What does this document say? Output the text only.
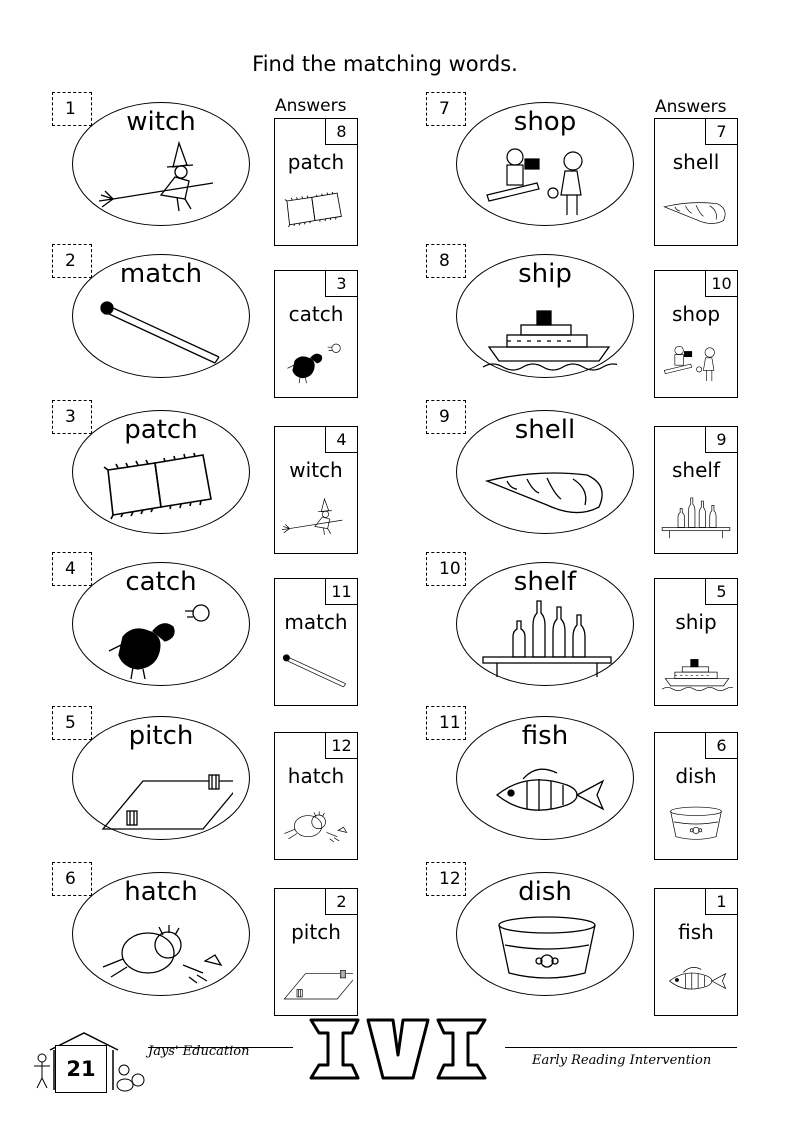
Find the matching words.
Answers	Answers
1	witch	8
patch
2	match	3
catch
3	patch	4
witch
4	catch	11
match
5	pitch	12
hatch
6	hatch	2
pitch
7	shop	7
shell
8	ship	10
shop
9	shell	9
shelf
10	shelf	5
ship
11	fish	6
dish
12	dish	1
fish
21
Jays' Education
Early Reading Intervention
